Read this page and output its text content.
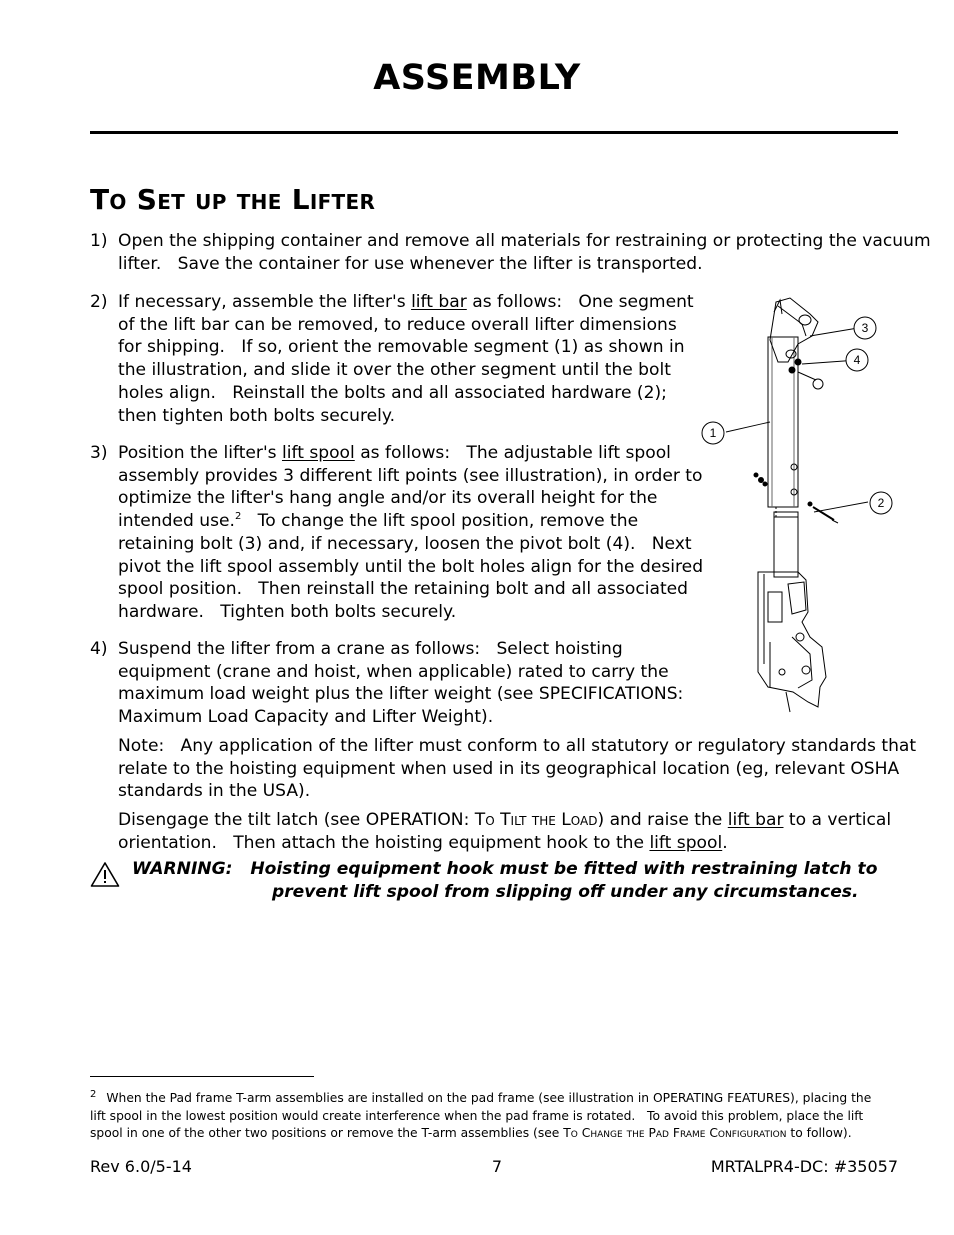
ASSEMBLY
To Set up the Lifter
1) Open the shipping container and remove all materials for restraining or protecting the vacuum
lifter.   Save the container for use whenever the lifter is transported.
2) If necessary, assemble the lifter's lift bar as follows:   One segment
of the lift bar can be removed, to reduce overall lifter dimensions
for shipping.   If so, orient the removable segment (1) as shown in
the illustration, and slide it over the other segment until the bolt
holes align.   Reinstall the bolts and all associated hardware (2);
then tighten both bolts securely.
3) Position the lifter's lift spool as follows:   The adjustable lift spool
assembly provides 3 different lift points (see illustration), in order to
optimize the lifter's hang angle and/or its overall height for the
intended use.$^2$   To change the lift spool position, remove the
retaining bolt (3) and, if necessary, loosen the pivot bolt (4).   Next
pivot the lift spool assembly until the bolt holes align for the desired
spool position.   Then reinstall the retaining bolt and all associated
hardware.   Tighten both bolts securely.
4) Suspend the lifter from a crane as follows:   Select hoisting
equipment (crane and hoist, when applicable) rated to carry the
maximum load weight plus the lifter weight (see SPECIFICATIONS:
Maximum Load Capacity and Lifter Weight).
Note:   Any application of the lifter must conform to all statutory or regulatory standards that
relate to the hoisting equipment when used in its geographical location (eg, relevant OSHA
standards in the USA).
Disengage the tilt latch (see OPERATION: To Tilt the Load) and raise the lift bar to a vertical
orientation.   Then attach the hoisting equipment hook to the lift spool.
WARNING:   Hoisting equipment hook must be fitted with restraining latch to
prevent lift spool from slipping off under any circumstances.
1
2
3
4
$^2$ When the Pad frame T-arm assemblies are installed on the pad frame (see illustration in OPERATING FEATURES), placing the
lift spool in the lowest position would create interference when the pad frame is rotated.   To avoid this problem, place the lift
spool in one of the other two positions or remove the T-arm assemblies (see To Change the Pad Frame Configuration to follow).
Rev 6.0/5-14	7	MRTALPR4-DC: #35057
